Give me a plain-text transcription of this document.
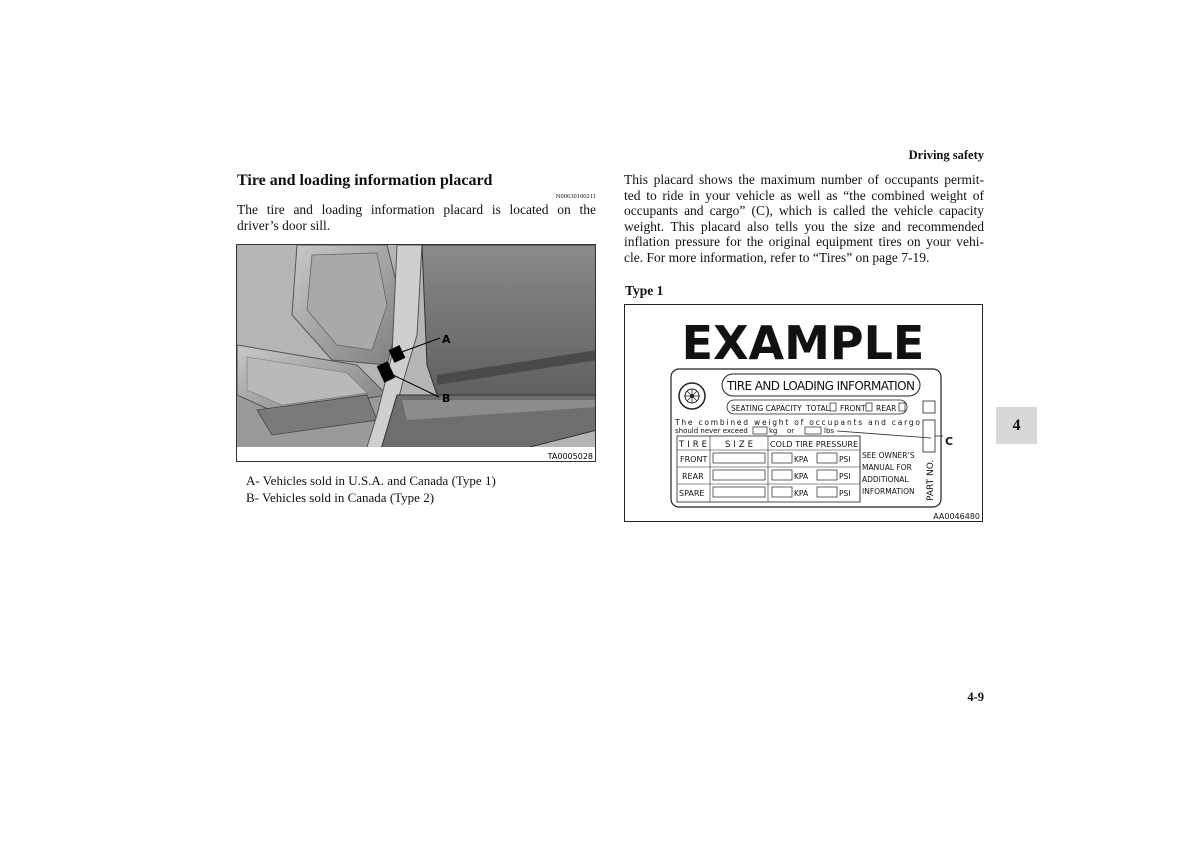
Driving safety
Tire and loading information placard
N00630100211
The tire and loading information placard is located on the
driver’s door sill.
A
B
TA0005028
A- Vehicles sold in U.S.A. and Canada (Type 1)
B- Vehicles sold in Canada (Type 2)
This placard shows the maximum number of occupants permit-
ted to ride in your vehicle as well as “the combined weight of
occupants and cargo” (C), which is called the vehicle capacity
weight. This placard also tells you the size and recommended
inflation pressure for the original equipment tires on your vehi-
cle. For more information, refer to “Tires” on page 7-19.
Type 1
EXAMPLE
TIRE AND LOADING INFORMATION
SEATING CAPACITY TOTAL FRONT REAR
The combined weight of occupants and cargo
should never exceed	kg or	lbs
C
TIRE SIZE COLD TIRE PRESSURE
FRONT
REAR
SPARE
KPA
KPA
KPA
PSI
PSI
PSI
SEE OWNER’S
MANUAL FOR
ADDITIONAL
INFORMATION PART NO.
AA0046480
4
4-9
